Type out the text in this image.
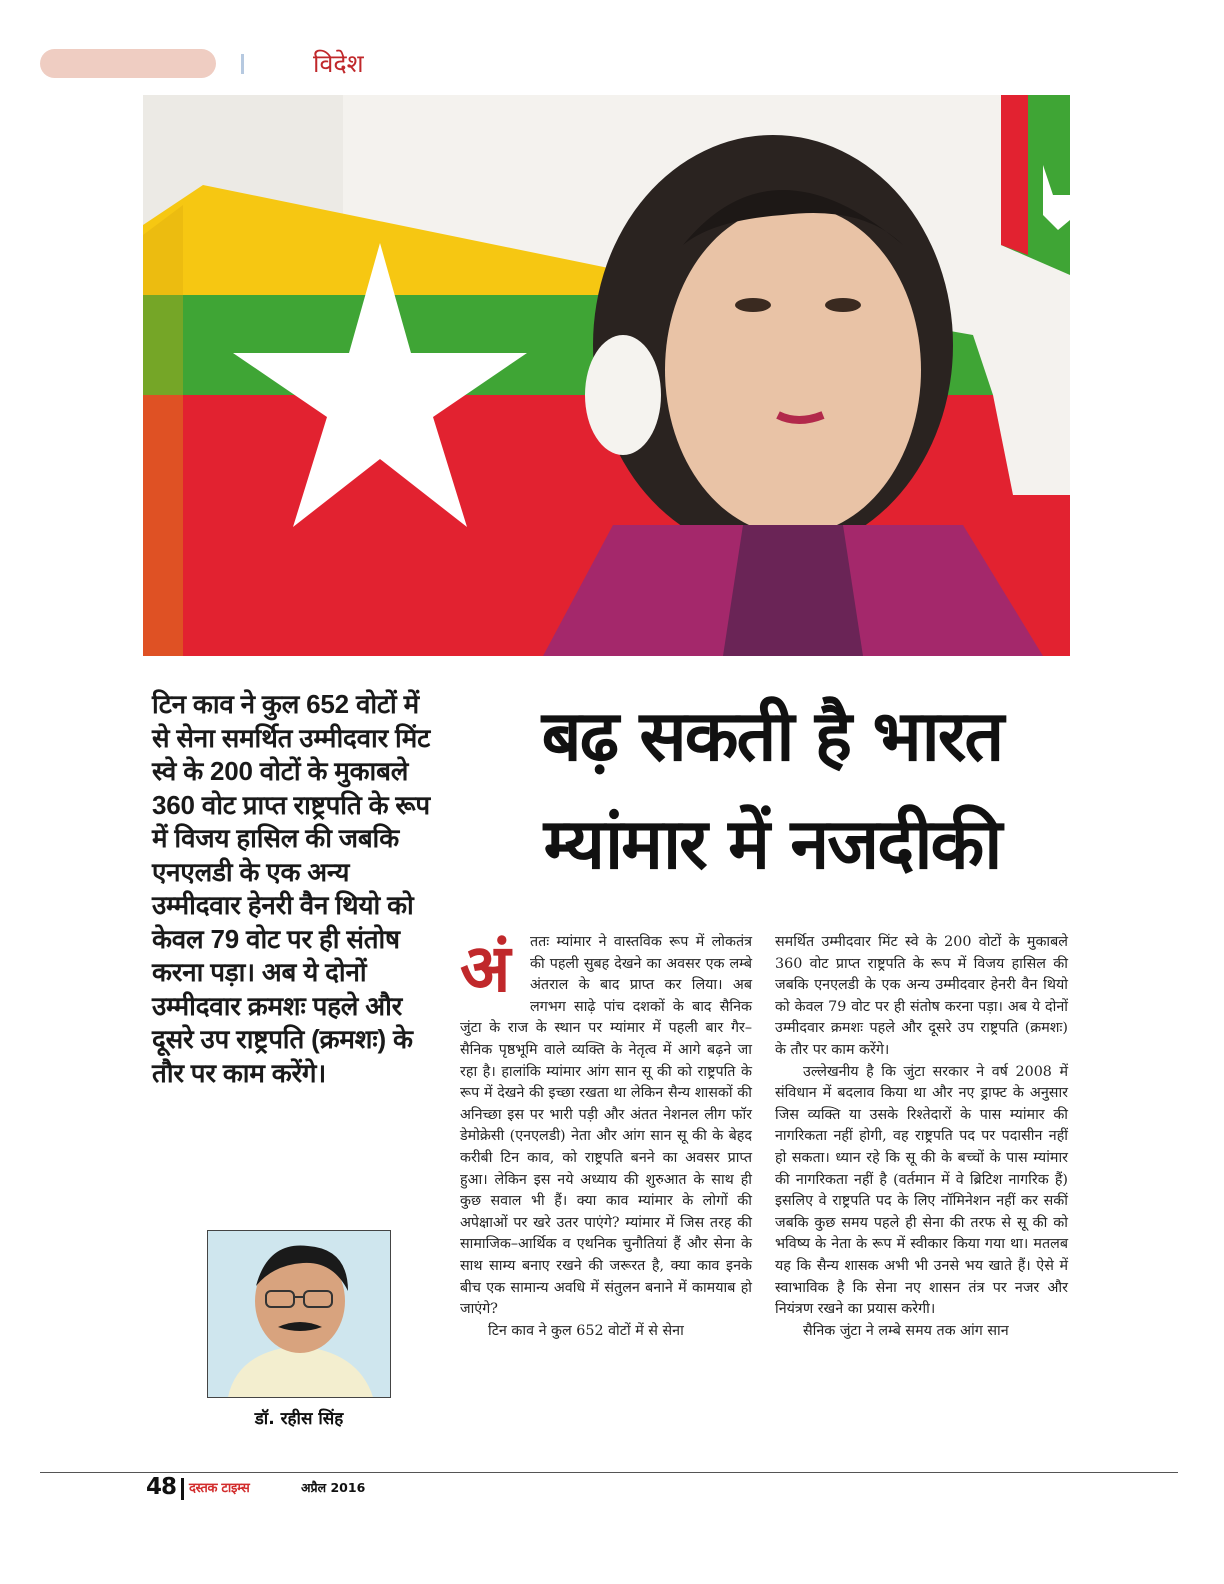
विदेश
टिन काव ने कुल 652 वोटों में से सेना समर्थित उम्मीदवार मिंट स्वे के 200 वोटों के मुकाबले 360 वोट प्राप्त राष्ट्रपति के रूप में विजय हासिल की जबकि एनएलडी के एक अन्य उम्मीदवार हेनरी वैन थियो को केवल 79 वोट पर ही संतोष करना पड़ा। अब ये दोनों उम्मीदवार क्रमशः पहले और दूसरे उप राष्ट्रपति (क्रमशः) के तौर पर काम करेंगे।
बढ़ सकती है भारत
म्यांमार में नजदीकी
अं	ततः म्यांमार ने वास्तविक रूप में लोकतंत्र की पहली सुबह देखने का अवसर एक लम्बे अंतराल के बाद प्राप्त कर लिया। अब लगभग साढ़े पांच दशकों के बाद सैनिक जुंटा के राज के स्थान पर म्यांमार में पहली बार गैर–सैनिक पृष्ठभूमि वाले व्यक्ति के नेतृत्व में आगे बढ़ने जा रहा है। हालांकि म्यांमार आंग सान सू की को राष्ट्रपति के रूप में देखने की इच्छा रखता था लेकिन सैन्य शासकों की अनिच्छा इस पर भारी पड़ी और अंतत नेशनल लीग फॉर डेमोक्रेसी (एनएलडी) नेता और आंग सान सू की के बेहद करीबी टिन काव, को राष्ट्रपति बनने का अवसर प्राप्त हुआ। लेकिन इस नये अध्याय की शुरुआत के साथ ही कुछ सवाल भी हैं। क्या काव म्यांमार के लोगों की अपेक्षाओं पर खरे उतर पाएंगे? म्यांमार में जिस तरह की सामाजिक–आर्थिक व एथनिक चुनौतियां हैं और सेना के साथ साम्य बनाए रखने की जरूरत है, क्या काव इनके बीच एक सामान्य अवधि में संतुलन बनाने में कामयाब हो जाएंगे?

टिन काव ने कुल 652 वोटों में से सेना

समर्थित उम्मीदवार मिंट स्वे के 200 वोटों के मुकाबले 360 वोट प्राप्त राष्ट्रपति के रूप में विजय हासिल की जबकि एनएलडी के एक अन्य उम्मीदवार हेनरी वैन थियो को केवल 79 वोट पर ही संतोष करना पड़ा। अब ये दोनों उम्मीदवार क्रमशः पहले और दूसरे उप राष्ट्रपति (क्रमशः) के तौर पर काम करेंगे।

उल्लेखनीय है कि जुंटा सरकार ने वर्ष 2008 में संविधान में बदलाव किया था और नए ड्राफ्ट के अनुसार जिस व्यक्ति या उसके रिश्तेदारों के पास म्यांमार की नागरिकता नहीं होगी, वह राष्ट्रपति पद पर पदासीन नहीं हो सकता। ध्यान रहे कि सू की के बच्चों के पास म्यांमार की नागरिकता नहीं है (वर्तमान में वे ब्रिटिश नागरिक हैं) इसलिए वे राष्ट्रपति पद के लिए नॉमिनेशन नहीं कर सकीं जबकि कुछ समय पहले ही सेना की तरफ से सू की को भविष्य के नेता के रूप में स्वीकार किया गया था। मतलब यह कि सैन्य शासक अभी भी उनसे भय खाते हैं। ऐसे में स्वाभाविक है कि सेना नए शासन तंत्र पर नजर और नियंत्रण रखने का प्रयास करेगी।

सैनिक जुंटा ने लम्बे समय तक आंग सान

डॉ. रहीस सिंह
48 दस्तक टाइम्स	अप्रैल 2016
